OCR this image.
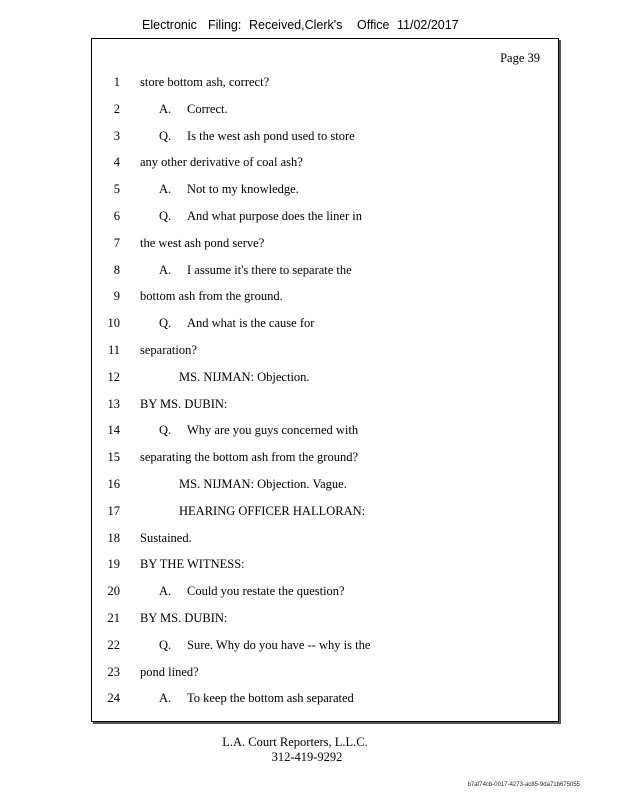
Electronic Filing: Received,Clerk's Office 11/02/2017
Page 39
1 store bottom ash, correct?
2	A. Correct.
3	Q. Is the west ash pond used to store
4 any other derivative of coal ash?
5	A. Not to my knowledge.
6	Q. And what purpose does the liner in
7 the west ash pond serve?
8	A. I assume it's there to separate the
9 bottom ash from the ground.
10	Q. And what is the cause for
11 separation?
12	MS. NIJMAN: Objection.
13 BY MS. DUBIN:
14	Q. Why are you guys concerned with
15 separating the bottom ash from the ground?
16	MS. NIJMAN: Objection. Vague.
17	HEARING OFFICER HALLORAN:
18 Sustained.
19 BY THE WITNESS:
20	A. Could you restate the question?
21 BY MS. DUBIN:
22	Q. Sure. Why do you have -- why is the
23 pond lined?
24	A. To keep the bottom ash separated
L.A. Court Reporters, L.L.C.
312-419-9292
b7af74cb-0017-4273-ac85-9da71b675055
